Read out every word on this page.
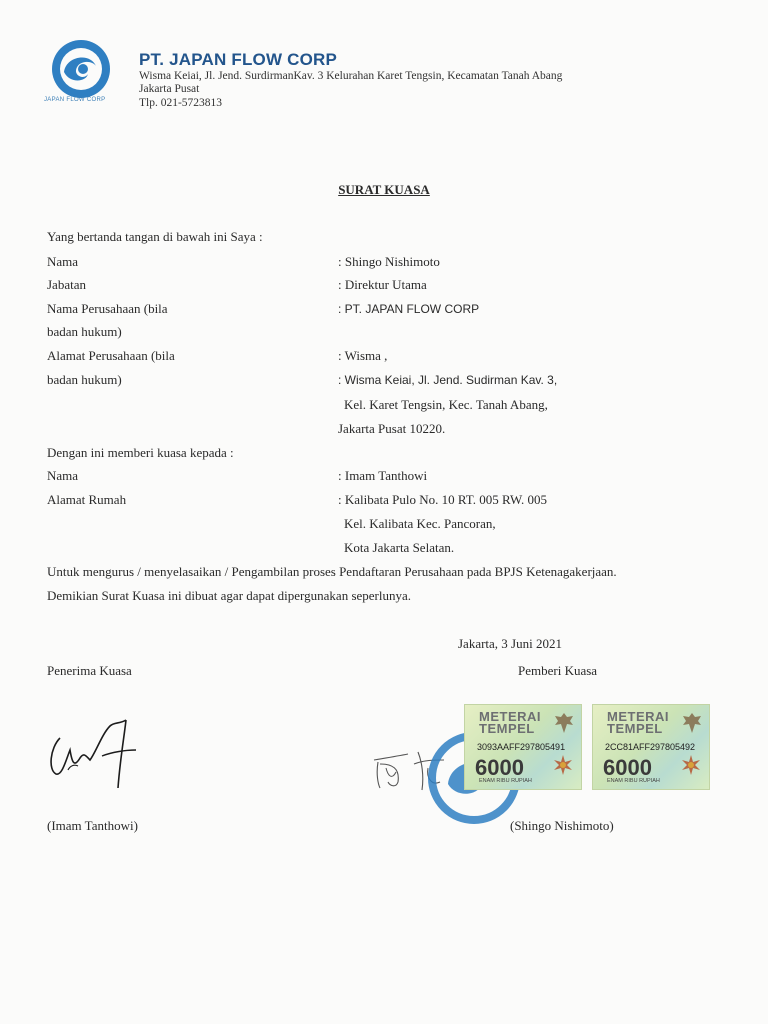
JAPAN FLOW CORP
PT. JAPAN FLOW CORP
Wisma Keiai, Jl. Jend. SurdirmanKav. 3 Kelurahan Karet Tengsin, Kecamatan Tanah Abang
Jakarta Pusat
Tlp. 021-5723813
SURAT KUASA
Yang bertanda tangan di bawah ini Saya :
Nama	: Shingo Nishimoto
Jabatan	: Direktur Utama
Nama Perusahaan (bila	: PT. JAPAN FLOW CORP
badan hukum)
Alamat Perusahaan (bila	: Wisma ,
badan hukum)	: Wisma Keiai, Jl. Jend. Sudirman Kav. 3,
Kel. Karet Tengsin, Kec. Tanah Abang,
Jakarta Pusat 10220.
Dengan ini memberi kuasa kepada :
Nama	: Imam Tanthowi
Alamat Rumah	: Kalibata Pulo No. 10 RT. 005 RW. 005
Kel. Kalibata Kec. Pancoran,
Kota Jakarta Selatan.
Untuk mengurus / menyelasaikan / Pengambilan proses Pendaftaran Perusahaan pada BPJS Ketenagakerjaan.
Demikian Surat Kuasa ini dibuat agar dapat dipergunakan seperlunya.
Jakarta, 3 Juni 2021
Penerima Kuasa	Pemberi Kuasa
METERAI
TEMPEL
3093AAFF297805491
6000
ENAM RIBU RUPIAH
METERAI
TEMPEL
2CC81AFF297805492
6000
ENAM RIBU RUPIAH
(Imam Tanthowi)	(Shingo Nishimoto)
